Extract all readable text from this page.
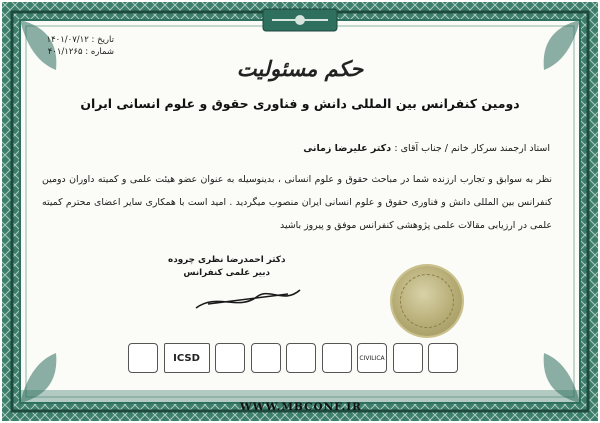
تاریخ : ۱۴۰۱/۰۷/۱۲
شماره : ۴۰۱/۱۲۶۵
حکم مسئولیت
دومین کنفرانس بین المللی دانش و فناوری حقوق و علوم انسانی ایران
استاد ارجمند سرکار خانم / جناب آقای : دکتر علیرضا زمانی
نظر به سوابق و تجارب ارزنده شما در مباحث حقوق و علوم انسانی ، بدینوسیله به عنوان عضو هیئت علمی و کمیته داوران دومین کنفرانس بین المللی دانش و فناوری حقوق و علوم انسانی ایران منصوب میگردید . امید است با همکاری سایر اعضای محترم کمیته علمی در ارزیابی مقالات علمی پژوهشی کنفرانس موفق و پیروز باشید
دکتر احمدرضا نظری چروده
دبیر علمی کنفرانس
ICSD	CIVILICA
WWW.MBCONF.IR
